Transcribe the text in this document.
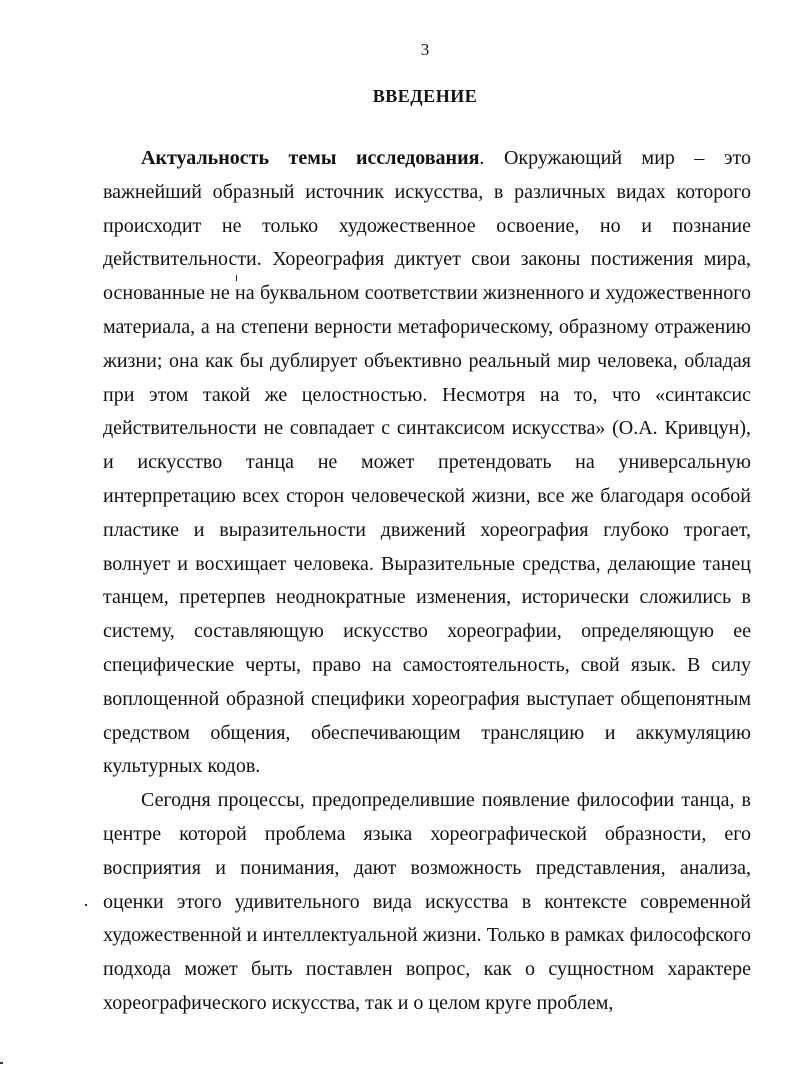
3
ВВЕДЕНИЕ

Актуальность темы исследования. Окружающий мир – это важнейший образный источник искусства, в различных видах которого происходит не только художественное освоение, но и познание действительности. Хореография диктует свои законы постижения мира, основанные не на буквальном соответствии жизненного и художественного материала, а на степени верности метафорическому, образному отражению жизни; она как бы дублирует объективно реальный мир человека, обладая при этом такой же целостностью. Несмотря на то, что «синтаксис действительности не совпадает с синтаксисом искусства» (О.А. Кривцун), и искусство танца не может претендовать на универсальную интерпретацию всех сторон человеческой жизни, все же благодаря особой пластике и выразительности движений хореография глубоко трогает, волнует и восхищает человека. Выразительные средства, делающие танец танцем, претерпев неоднократные изменения, исторически сложились в систему, составляющую искусство хореографии, определяющую ее специфические черты, право на самостоятельность, свой язык. В силу воплощенной образной специфики хореография выступает общепонятным средством общения, обеспечивающим трансляцию и аккумуляцию культурных кодов.

Сегодня процессы, предопределившие появление философии танца, в центре которой проблема языка хореографической образности, его восприятия и понимания, дают возможность представления, анализа, оценки этого удивительного вида искусства в контексте современной художественной и интеллектуальной жизни. Только в рамках философского подхода может быть поставлен вопрос, как о сущностном характере хореографического искусства, так и о целом круге проблем,
